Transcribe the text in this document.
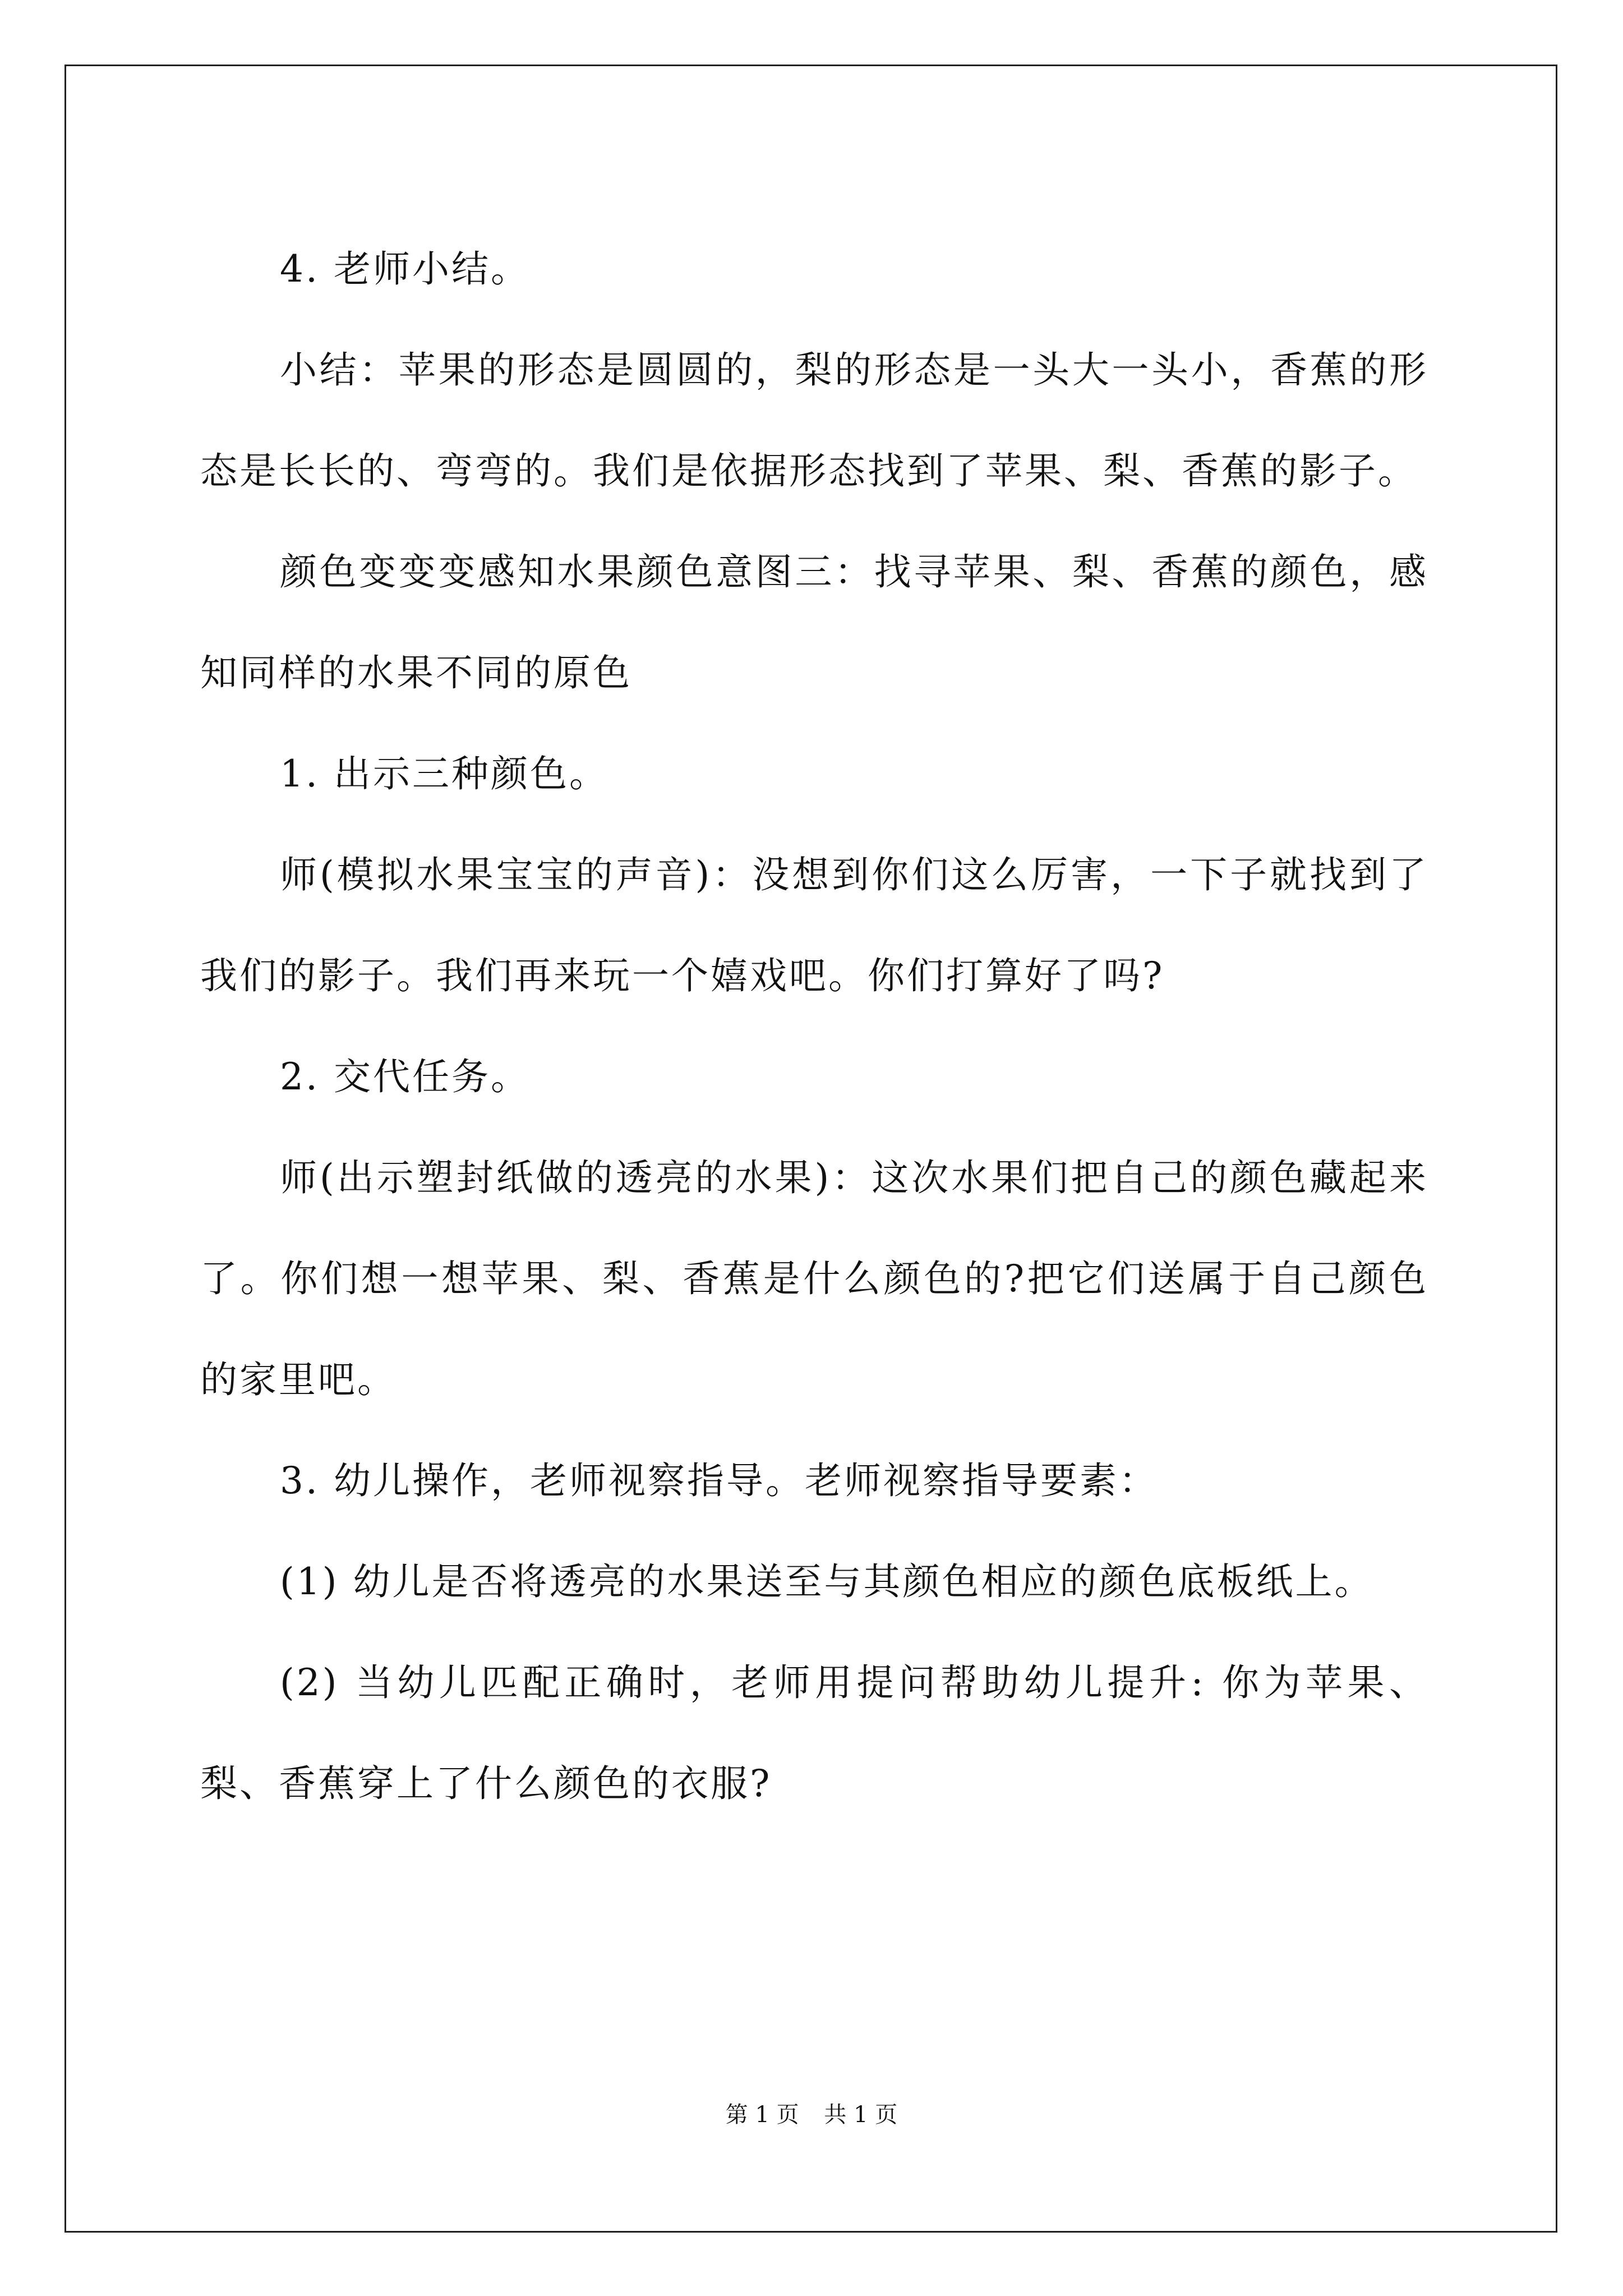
4. 老师小结。

小结：苹果的形态是圆圆的，梨的形态是一头大一头小，香蕉的形态是长长的、弯弯的。我们是依据形态找到了苹果、梨、香蕉的影子。

颜色变变变感知水果颜色意图三：找寻苹果、梨、香蕉的颜色，感知同样的水果不同的原色

1. 出示三种颜色。

师(模拟水果宝宝的声音)：没想到你们这么厉害，一下子就找到了我们的影子。我们再来玩一个嬉戏吧。你们打算好了吗?

2. 交代任务。

师(出示塑封纸做的透亮的水果)：这次水果们把自己的颜色藏起来了。你们想一想苹果、梨、香蕉是什么颜色的?把它们送属于自己颜色的家里吧。

3. 幼儿操作，老师视察指导。老师视察指导要素：

(1) 幼儿是否将透亮的水果送至与其颜色相应的颜色底板纸上。

(2) 当幼儿匹配正确时，老师用提问帮助幼儿提升: 你为苹果、梨、香蕉穿上了什么颜色的衣服?

第 1 页 共 1 页
